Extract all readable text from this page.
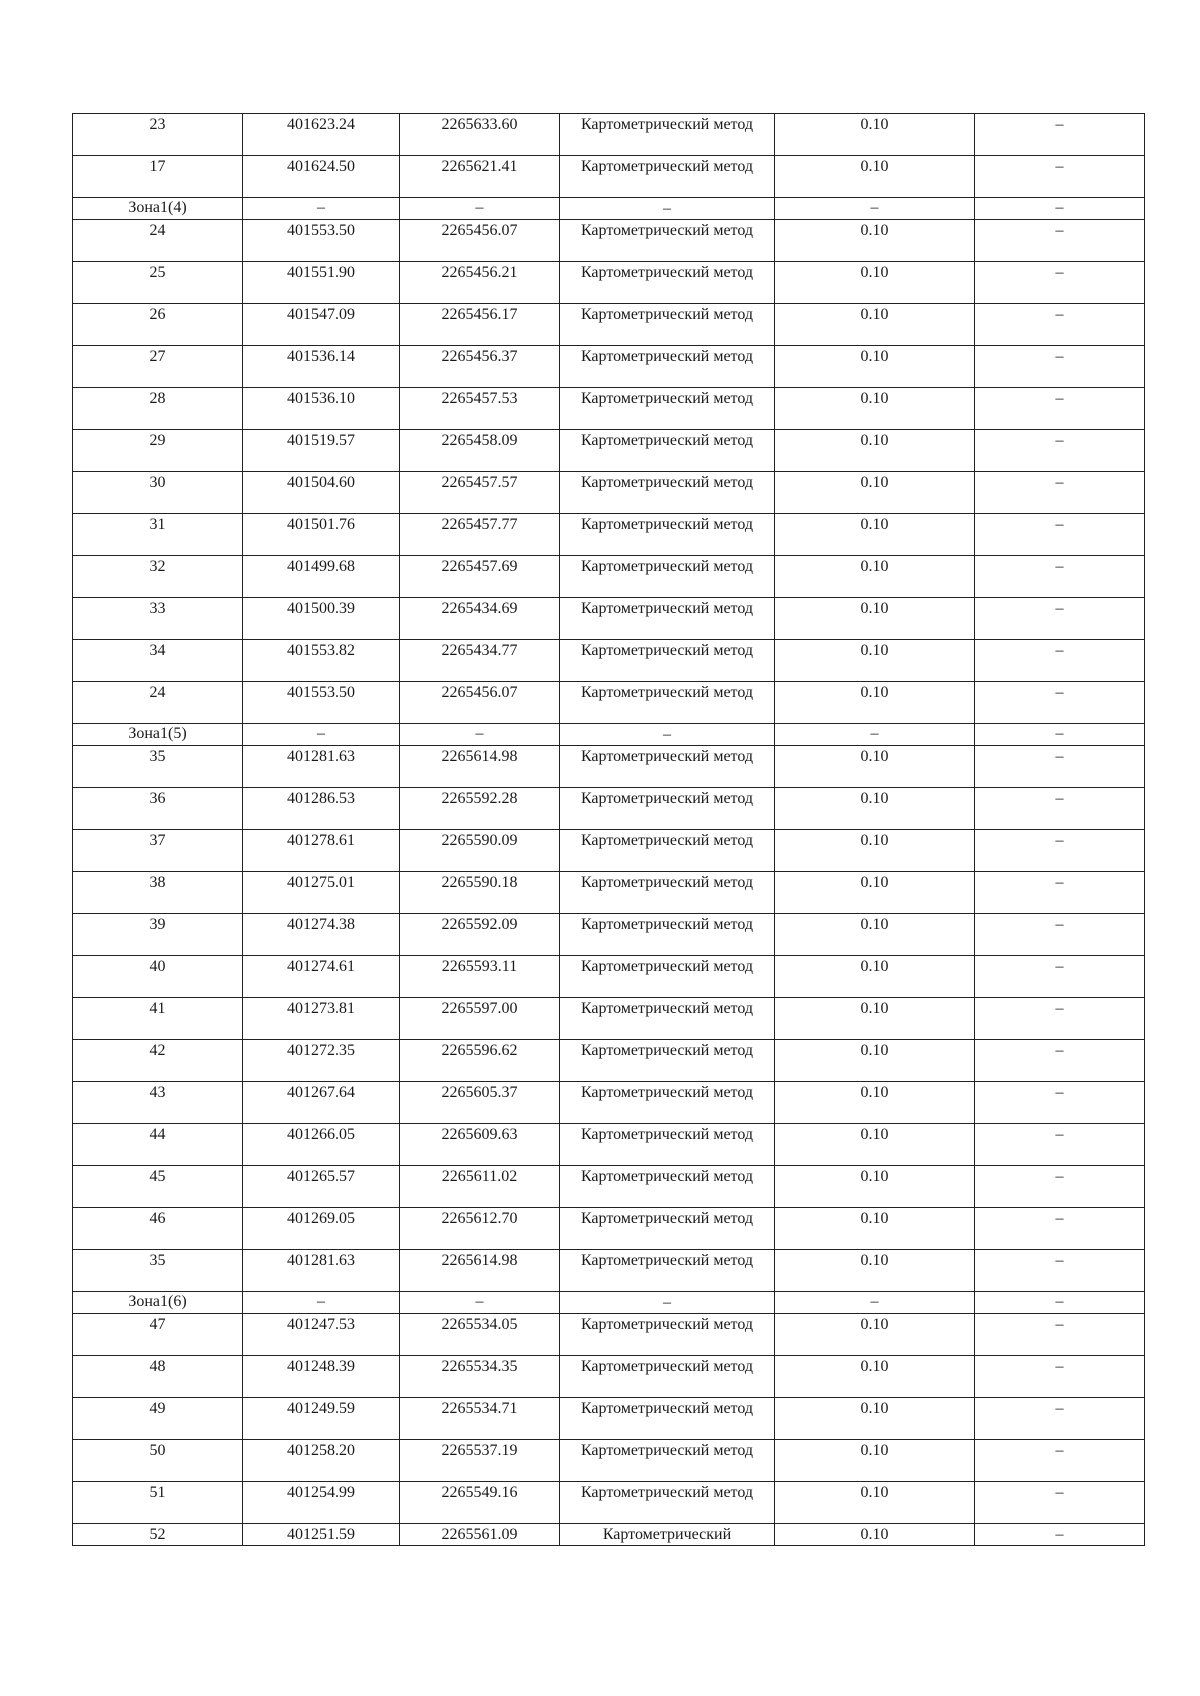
23	401623.24	2265633.60	Картометрический метод	0.10	–

17	401624.50	2265621.41	Картометрический метод	0.10	–

Зона1(4)	–	–	–	–	–

24	401553.50	2265456.07	Картометрический метод	0.10	–

25	401551.90	2265456.21	Картометрический метод	0.10	–

26	401547.09	2265456.17	Картометрический метод	0.10	–

27	401536.14	2265456.37	Картометрический метод	0.10	–

28	401536.10	2265457.53	Картометрический метод	0.10	–

29	401519.57	2265458.09	Картометрический метод	0.10	–

30	401504.60	2265457.57	Картометрический метод	0.10	–

31	401501.76	2265457.77	Картометрический метод	0.10	–

32	401499.68	2265457.69	Картометрический метод	0.10	–

33	401500.39	2265434.69	Картометрический метод	0.10	–

34	401553.82	2265434.77	Картометрический метод	0.10	–

24	401553.50	2265456.07	Картометрический метод	0.10	–

Зона1(5)	–	–	–	–	–

35	401281.63	2265614.98	Картометрический метод	0.10	–

36	401286.53	2265592.28	Картометрический метод	0.10	–

37	401278.61	2265590.09	Картометрический метод	0.10	–

38	401275.01	2265590.18	Картометрический метод	0.10	–

39	401274.38	2265592.09	Картометрический метод	0.10	–

40	401274.61	2265593.11	Картометрический метод	0.10	–

41	401273.81	2265597.00	Картометрический метод	0.10	–

42	401272.35	2265596.62	Картометрический метод	0.10	–

43	401267.64	2265605.37	Картометрический метод	0.10	–

44	401266.05	2265609.63	Картометрический метод	0.10	–

45	401265.57	2265611.02	Картометрический метод	0.10	–

46	401269.05	2265612.70	Картометрический метод	0.10	–

35	401281.63	2265614.98	Картометрический метод	0.10	–

Зона1(6)	–	–	–	–	–

47	401247.53	2265534.05	Картометрический метод	0.10	–

48	401248.39	2265534.35	Картометрический метод	0.10	–

49	401249.59	2265534.71	Картометрический метод	0.10	–

50	401258.20	2265537.19	Картометрический метод	0.10	–

51	401254.99	2265549.16	Картометрический метод	0.10	–

52	401251.59	2265561.09	Картометрический	0.10	–
